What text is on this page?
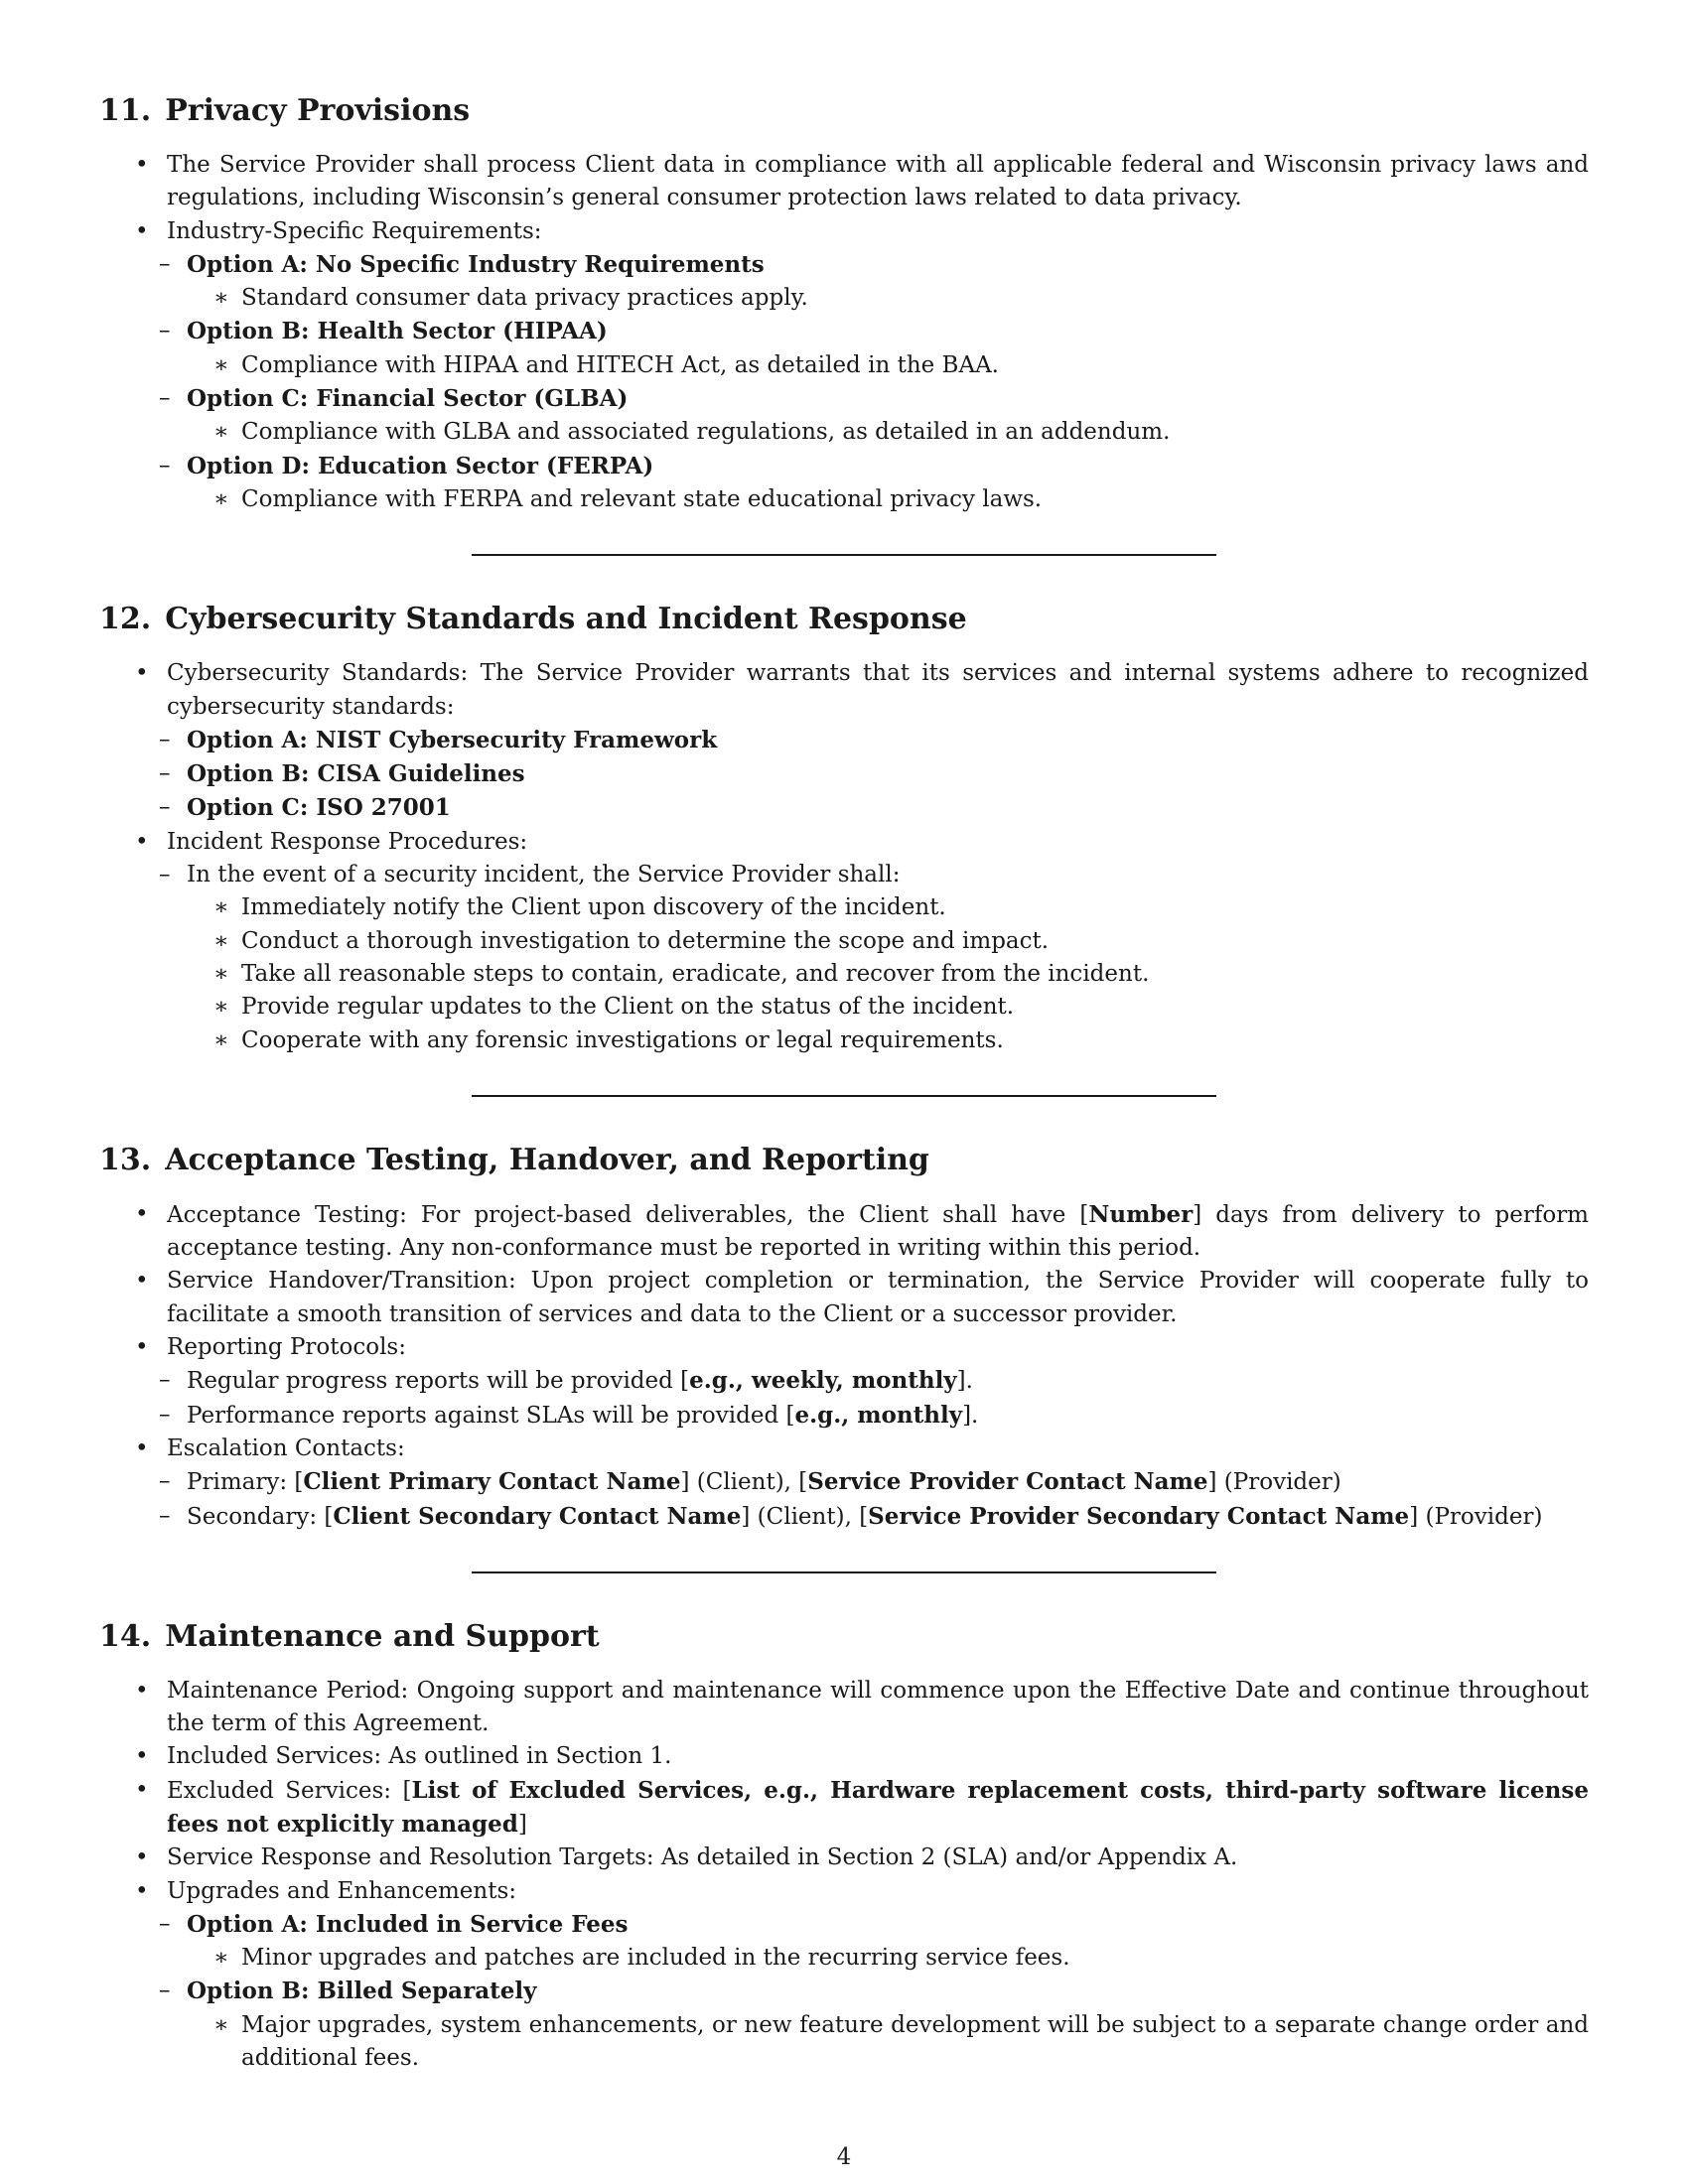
11. Privacy Provisions
• The Service Provider shall process Client data in compliance with all applicable federal and Wisconsin privacy laws and regulations, including Wisconsin’s general consumer protection laws related to data privacy.
• Industry-Specific Requirements:
– Option A: No Specific Industry Requirements
∗ Standard consumer data privacy practices apply.
– Option B: Health Sector (HIPAA)
∗ Compliance with HIPAA and HITECH Act, as detailed in the BAA.
– Option C: Financial Sector (GLBA)
∗ Compliance with GLBA and associated regulations, as detailed in an addendum.
– Option D: Education Sector (FERPA)
∗ Compliance with FERPA and relevant state educational privacy laws.
12. Cybersecurity Standards and Incident Response
• Cybersecurity Standards: The Service Provider warrants that its services and internal systems adhere to recognized cybersecurity standards:
– Option A: NIST Cybersecurity Framework
– Option B: CISA Guidelines
– Option C: ISO 27001
• Incident Response Procedures:
– In the event of a security incident, the Service Provider shall:
∗ Immediately notify the Client upon discovery of the incident.
∗ Conduct a thorough investigation to determine the scope and impact.
∗ Take all reasonable steps to contain, eradicate, and recover from the incident.
∗ Provide regular updates to the Client on the status of the incident.
∗ Cooperate with any forensic investigations or legal requirements.
13. Acceptance Testing, Handover, and Reporting
• Acceptance Testing: For project-based deliverables, the Client shall have [Number] days from delivery to perform acceptance testing. Any non-conformance must be reported in writing within this period.
• Service Handover/Transition: Upon project completion or termination, the Service Provider will cooperate fully to facilitate a smooth transition of services and data to the Client or a successor provider.
• Reporting Protocols:
– Regular progress reports will be provided [e.g., weekly, monthly].
– Performance reports against SLAs will be provided [e.g., monthly].
• Escalation Contacts:
– Primary: [Client Primary Contact Name] (Client), [Service Provider Contact Name] (Provider)
– Secondary: [Client Secondary Contact Name] (Client), [Service Provider Secondary Contact Name] (Provider)
14. Maintenance and Support
• Maintenance Period: Ongoing support and maintenance will commence upon the Effective Date and continue throughout the term of this Agreement.
• Included Services: As outlined in Section 1.
• Excluded Services: [List of Excluded Services, e.g., Hardware replacement costs, third-party software license fees not explicitly managed]
• Service Response and Resolution Targets: As detailed in Section 2 (SLA) and/or Appendix A.
• Upgrades and Enhancements:
– Option A: Included in Service Fees
∗ Minor upgrades and patches are included in the recurring service fees.
– Option B: Billed Separately
∗ Major upgrades, system enhancements, or new feature development will be subject to a separate change order and additional fees.
4
